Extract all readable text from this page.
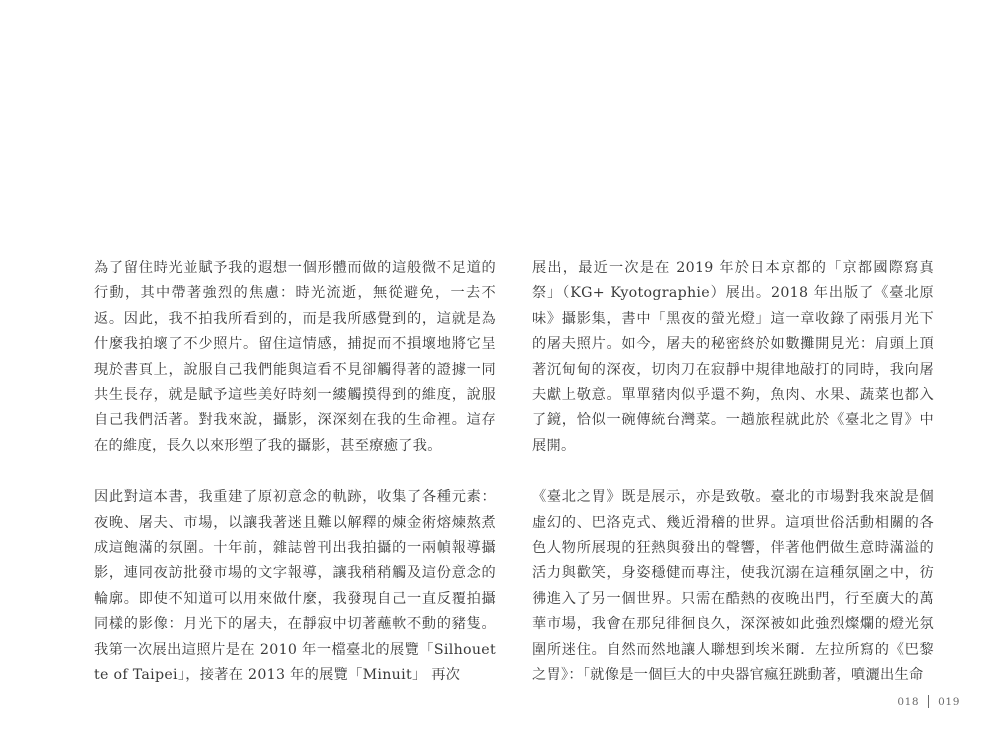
為了留住時光並賦予我的遐想一個形體而做的這般微不足道的行動，其中帶著強烈的焦慮：時光流逝，無從避免，一去不返。因此，我不拍我所看到的，而是我所感覺到的，這就是為什麼我拍壞了不少照片。留住這情感，捕捉而不損壞地將它呈現於書頁上，說服自己我們能與這看不見卻觸得著的證據一同共生長存，就是賦予這些美好時刻一縷觸摸得到的維度，說服自己我們活著。對我來說，攝影，深深刻在我的生命裡。這存在的維度，長久以來形塑了我的攝影，甚至療癒了我。

因此對這本書，我重建了原初意念的軌跡，收集了各種元素：夜晚、屠夫、市場，以讓我著迷且難以解釋的煉金術熔煉熬煮成這飽滿的氛圍。十年前，雜誌曾刊出我拍攝的一兩幀報導攝影，連同夜訪批發市場的文字報導，讓我稍稍觸及這份意念的輪廓。即使不知道可以用來做什麼，我發現自己一直反覆拍攝同樣的影像：月光下的屠夫，在靜寂中切著蘸軟不動的豬隻。我第一次展出這照片是在 2010 年一檔臺北的展覽「Silhouette of Taipei」，接著在 2013 年的展覽「Minuit」 再次

展出，最近一次是在 2019 年於日本京都的「京都國際寫真祭」（KG+ Kyotographie）展出。2018 年出版了《臺北原味》攝影集，書中「黑夜的螢光燈」這一章收錄了兩張月光下的屠夫照片。如今，屠夫的秘密終於如數攤開見光：肩頭上頂著沉甸甸的深夜，切肉刀在寂靜中規律地敲打的同時，我向屠夫獻上敬意。單單豬肉似乎還不夠，魚肉、水果、蔬菜也都入了鏡，恰似一碗傳統台灣菜。一趟旅程就此於《臺北之胃》中展開。

《臺北之胃》既是展示，亦是致敬。臺北的市場對我來說是個虛幻的、巴洛克式、幾近滑稽的世界。這項世俗活動相關的各色人物所展現的狂熱與發出的聲響，伴著他們做生意時滿溢的活力與歡笑，身姿穩健而專注，使我沉溺在這種氛圍之中，彷彿進入了另一個世界。只需在酷熱的夜晚出門，行至廣大的萬華市場，我會在那兒徘徊良久，深深被如此強烈燦爛的燈光氛圍所迷住。自然而然地讓人聯想到埃米爾．左拉所寫的《巴黎之胃》：「就像是一個巨大的中央器官瘋狂跳動著，噴灑出生命

018 019
